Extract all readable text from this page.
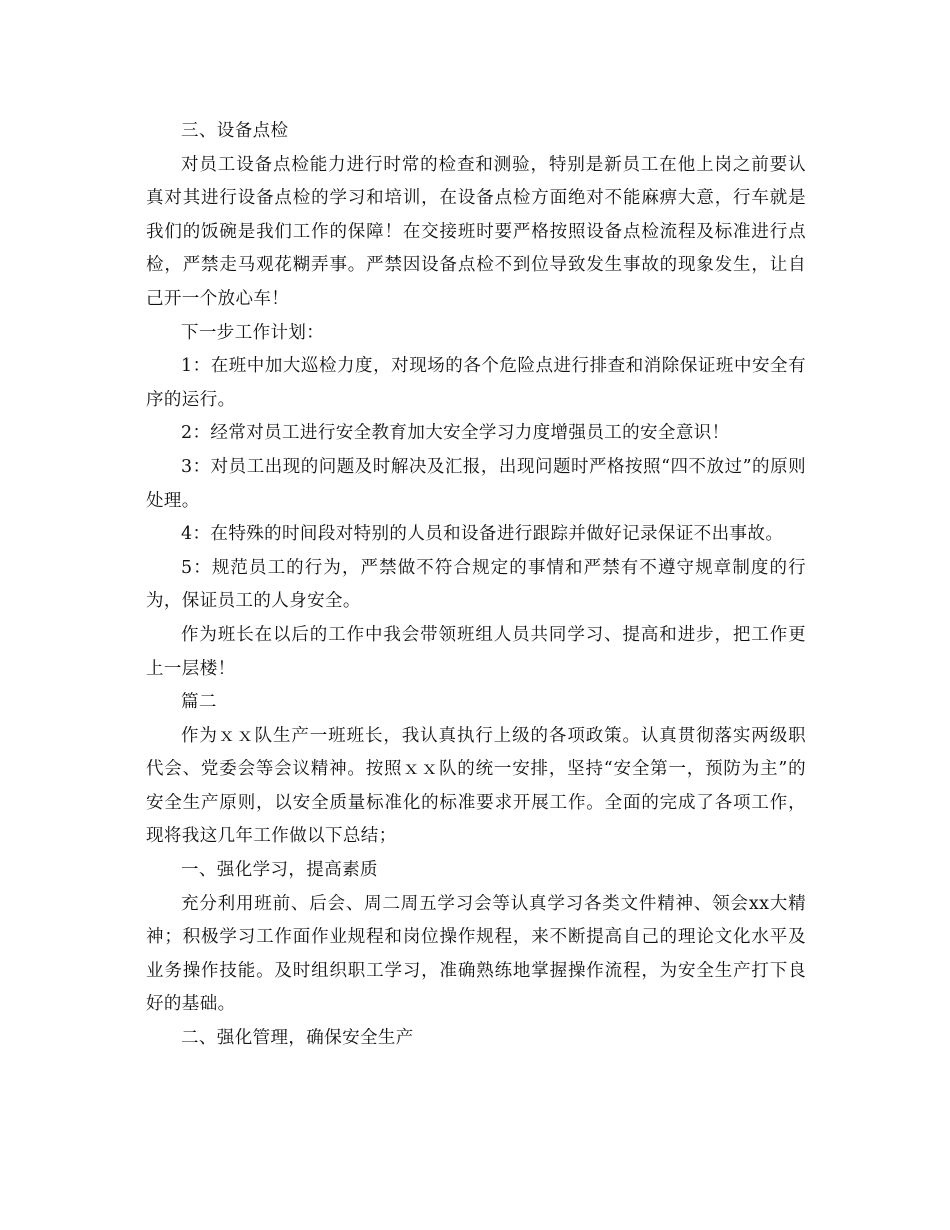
三、设备点检

对员工设备点检能力进行时常的检查和测验，特别是新员工在他上岗之前要认真对其进行设备点检的学习和培训，在设备点检方面绝对不能麻痹大意，行车就是我们的饭碗是我们工作的保障！在交接班时要严格按照设备点检流程及标准进行点检，严禁走马观花糊弄事。严禁因设备点检不到位导致发生事故的现象发生，让自己开一个放心车！

下一步工作计划：

1：在班中加大巡检力度，对现场的各个危险点进行排查和消除保证班中安全有序的运行。

2：经常对员工进行安全教育加大安全学习力度增强员工的安全意识！

3：对员工出现的问题及时解决及汇报，出现问题时严格按照“四不放过”的原则处理。

4：在特殊的时间段对特别的人员和设备进行跟踪并做好记录保证不出事故。

5：规范员工的行为，严禁做不符合规定的事情和严禁有不遵守规章制度的行为，保证员工的人身安全。

作为班长在以后的工作中我会带领班组人员共同学习、提高和进步，把工作更上一层楼！

篇二

作为ｘｘ队生产一班班长，我认真执行上级的各项政策。认真贯彻落实两级职代会、党委会等会议精神。按照ｘｘ队的统一安排，坚持“安全第一，预防为主”的安全生产原则，以安全质量标准化的标准要求开展工作。全面的完成了各项工作，现将我这几年工作做以下总结；

一、强化学习，提高素质

充分利用班前、后会、周二周五学习会等认真学习各类文件精神、领会xx大精神；积极学习工作面作业规程和岗位操作规程，来不断提高自己的理论文化水平及业务操作技能。及时组织职工学习，准确熟练地掌握操作流程，为安全生产打下良好的基础。

二、强化管理，确保安全生产
